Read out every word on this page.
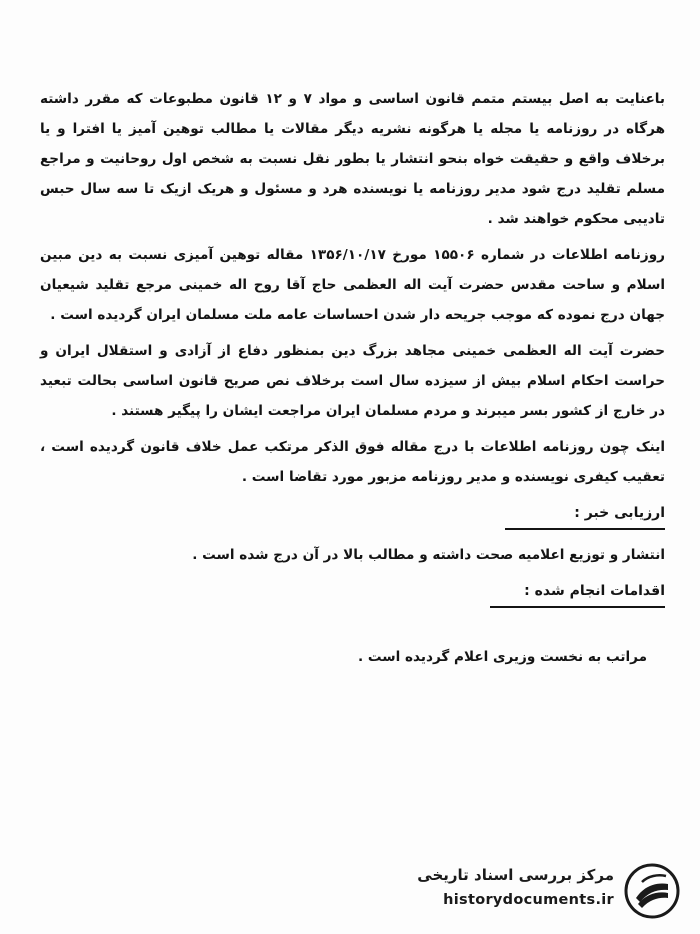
باعنایت به اصل بیستم متمم قانون اساسی و مواد ۷ و ۱۲ قانون مطبوعات که مقرر داشته هرگاه در روزنامه یا مجله یا هرگونه نشریه دیگر مقالات یا مطالب توهین آمیز یا افترا و یا برخلاف واقع و حقیقت خواه بنحو انتشار یا بطور نقل نسبت به شخص اول روحانیت و مراجع مسلم تقلید درج شود مدیر روزنامه یا نویسنده هرد و مسئول و هریک ازیک تا سه سال حبس تادیبی محکوم خواهند شد .

روزنامه اطلاعات در شماره ۱۵۵۰۶ مورخ ۱۳۵۶/۱۰/۱۷ مقاله توهین آمیزی نسبت به دین مبین اسلام و ساحت مقدس حضرت آیت اله العظمی حاج آقا روح اله خمینی مرجع تقلید شیعیان جهان درج نموده که موجب جریحه دار شدن احساسات عامه ملت مسلمان ایران گردیده است .

حضرت آیت اله العظمی خمینی مجاهد بزرگ دین بمنظور دفاع از آزادی و استقلال ایران و حراست احکام اسلام بیش از سیزده سال است برخلاف نص صریح قانون اساسی بحالت تبعید در خارج از کشور بسر میبرند و مردم مسلمان ایران مراجعت ایشان را پیگیر هستند .

اینک چون روزنامه اطلاعات با درج مقاله فوق الذکر مرتکب عمل خلاف قانون گردیده است ، تعقیب کیفری نویسنده و مدیر روزنامه مزبور مورد تقاضا است .

ارزیابی خبر :

انتشار و توزیع اعلامیه صحت داشته و مطالب بالا در آن درج شده است .

اقدامات انجام شده :

مراتب به نخست وزیری اعلام گردیده است .

مرکز بررسی اسناد تاریخی
historydocuments.ir
